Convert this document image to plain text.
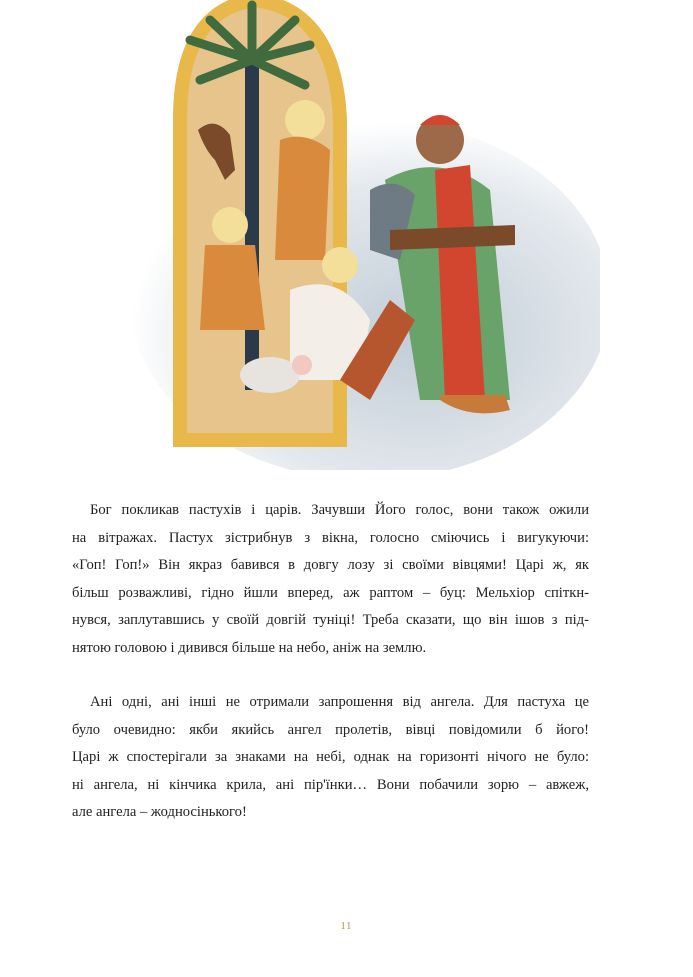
Бог покликав пастухів і царів. Зачувши Його голос, вони також ожили
на вітражах. Пастух зістрибнув з вікна, голосно сміючись і вигукуючи:
«Гоп! Гоп!» Він якраз бавився в довгу лозу зі своїми вівцями! Царі ж, як
більш розважливі, гідно йшли вперед, аж раптом – буц: Мельхіор спіткн-
нувся, заплутавшись у своїй довгій туніці! Треба сказати, що він ішов з під-
нятою головою і дивився більше на небо, аніж на землю.

Ані одні, ані інші не отримали запрошення від ангела. Для пастуха це
було очевидно: якби якийсь ангел пролетів, вівці повідомили б його!
Царі ж спостерігали за знаками на небі, однак на горизонті нічого не було:
ні ангела, ні кінчика крила, ані пір'їнки… Вони побачили зорю – авжеж,
але ангела – жодносінького!

11
